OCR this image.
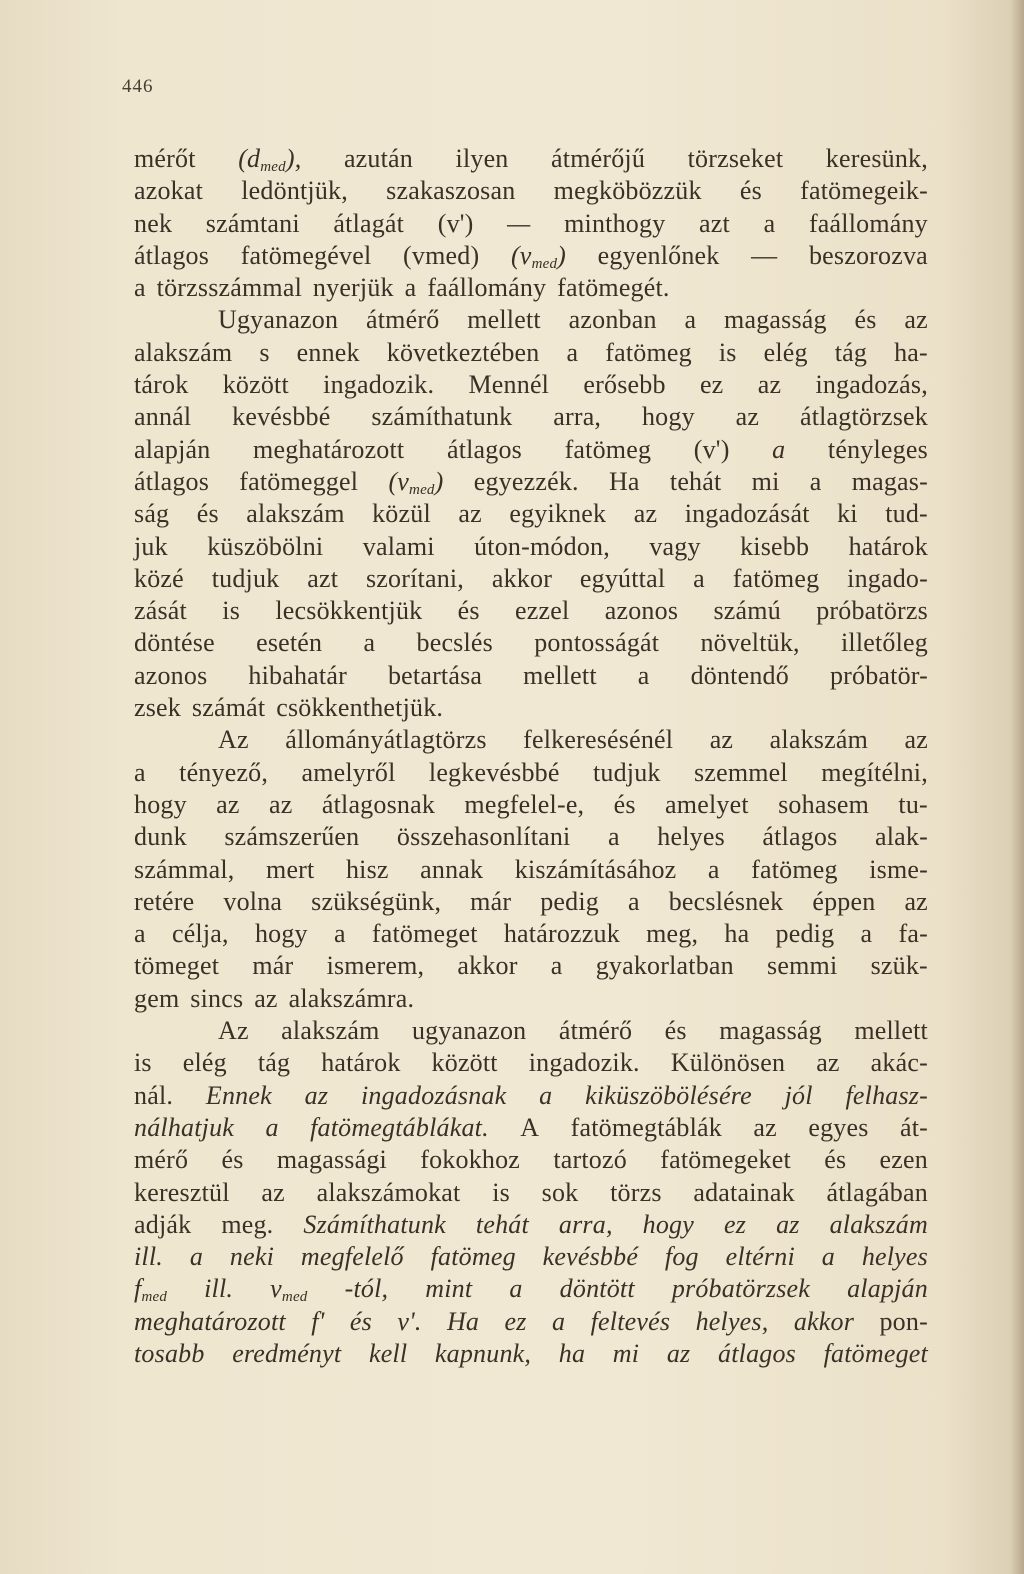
446
mérőt $(d_{med})$, azután ilyen átmérőjű törzseket keresünk,
azokat ledöntjük, szakaszosan megköbözzük és fatömegeik-
nek számtani átlagát (v') — minthogy azt a faállomány
átlagos fatömegével (vmed) $(v_{med})$ egyenlőnek — beszorozva
a törzsszámmal nyerjük a faállomány fatömegét.
Ugyanazon átmérő mellett azonban a magasság és az
alakszám s ennek következtében a fatömeg is elég tág ha-
tárok között ingadozik. Mennél erősebb ez az ingadozás,
annál kevésbbé számíthatunk arra, hogy az átlagtörzsek
alapján meghatározott átlagos fatömeg (v') a tényleges
átlagos fatömeggel $(v_{med})$ egyezzék. Ha tehát mi a magas-
ság és alakszám közül az egyiknek az ingadozását ki tud-
juk küszöbölni valami úton-módon, vagy kisebb határok
közé tudjuk azt szorítani, akkor egyúttal a fatömeg ingado-
zását is lecsökkentjük és ezzel azonos számú próbatörzs
döntése esetén a becslés pontosságát növeltük, illetőleg
azonos hibahatár betartása mellett a döntendő próbatör-
zsek számát csökkenthetjük.
Az állományátlagtörzs felkeresésénél az alakszám az
a tényező, amelyről legkevésbbé tudjuk szemmel megítélni,
hogy az az átlagosnak megfelel-e, és amelyet sohasem tu-
dunk számszerűen összehasonlítani a helyes átlagos alak-
számmal, mert hisz annak kiszámításához a fatömeg isme-
retére volna szükségünk, már pedig a becslésnek éppen az
a célja, hogy a fatömeget határozzuk meg, ha pedig a fa-
tömeget már ismerem, akkor a gyakorlatban semmi szük-
gem sincs az alakszámra.
Az alakszám ugyanazon átmérő és magasság mellett
is elég tág határok között ingadozik. Különösen az akác-
nál. Ennek az ingadozásnak a kiküszöbölésére jól felhasz-
nálhatjuk a fatömegtáblákat. A fatömegtáblák az egyes át-
mérő és magassági fokokhoz tartozó fatömegeket és ezen
keresztül az alakszámokat is sok törzs adatainak átlagában
adják meg. Számíthatunk tehát arra, hogy ez az alakszám
ill. a neki megfelelő fatömeg kevésbbé fog eltérni a helyes
$f_{med}$ ill. $v_{med}$ -tól, mint a döntött próbatörzsek alapján
meghatározott f' és v'. Ha ez a feltevés helyes, akkor pon-
tosabb eredményt kell kapnunk, ha mi az átlagos fatömeget
